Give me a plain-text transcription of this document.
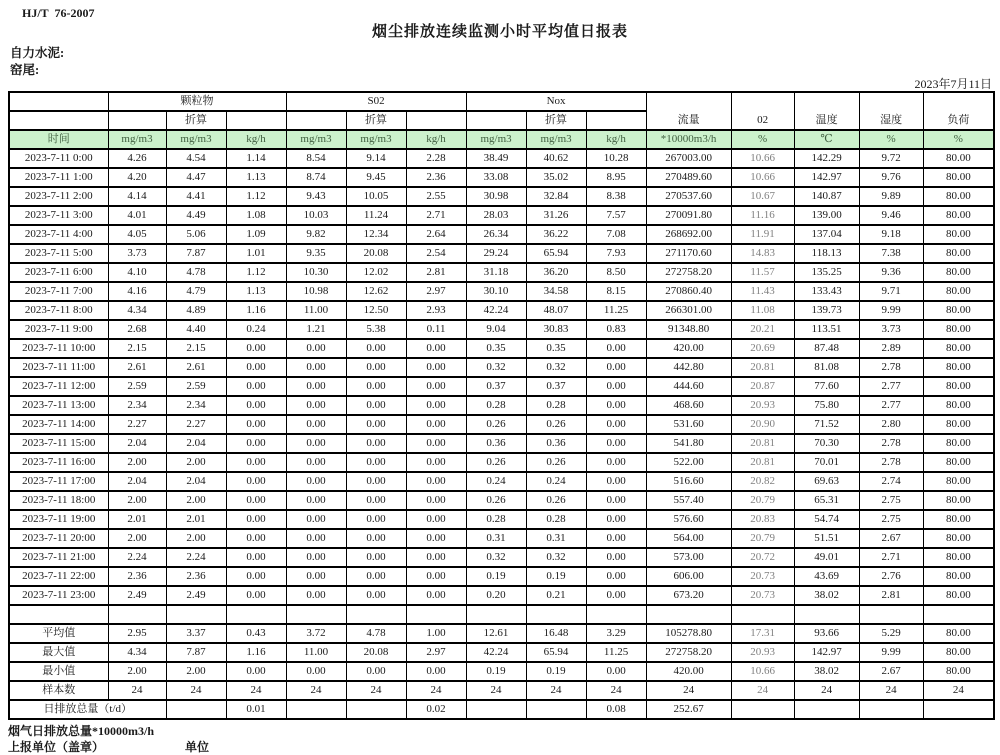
HJ/T  76-2007
烟尘排放连续监测小时平均值日报表
自力水泥:
窑尾:
2023年7月11日
	颗粒物			S02			Nox			流量	02	温度	湿度	负荷
		折算			折算			折算						
时间	mg/m3	mg/m3	kg/h	mg/m3	mg/m3	kg/h	mg/m3	mg/m3	kg/h	*10000m3/h	%	℃	%	%
2023-7-11 0:00	4.26	4.54	1.14	8.54	9.14	2.28	38.49	40.62	10.28	267003.00	10.66	142.29	9.72	80.00
2023-7-11 1:00	4.20	4.47	1.13	8.74	9.45	2.36	33.08	35.02	8.95	270489.60	10.66	142.97	9.76	80.00
2023-7-11 2:00	4.14	4.41	1.12	9.43	10.05	2.55	30.98	32.84	8.38	270537.60	10.67	140.87	9.89	80.00
2023-7-11 3:00	4.01	4.49	1.08	10.03	11.24	2.71	28.03	31.26	7.57	270091.80	11.16	139.00	9.46	80.00
2023-7-11 4:00	4.05	5.06	1.09	9.82	12.34	2.64	26.34	36.22	7.08	268692.00	11.91	137.04	9.18	80.00
2023-7-11 5:00	3.73	7.87	1.01	9.35	20.08	2.54	29.24	65.94	7.93	271170.60	14.83	118.13	7.38	80.00
2023-7-11 6:00	4.10	4.78	1.12	10.30	12.02	2.81	31.18	36.20	8.50	272758.20	11.57	135.25	9.36	80.00
2023-7-11 7:00	4.16	4.79	1.13	10.98	12.62	2.97	30.10	34.58	8.15	270860.40	11.43	133.43	9.71	80.00
2023-7-11 8:00	4.34	4.89	1.16	11.00	12.50	2.93	42.24	48.07	11.25	266301.00	11.08	139.73	9.99	80.00
2023-7-11 9:00	2.68	4.40	0.24	1.21	5.38	0.11	9.04	30.83	0.83	91348.80	20.21	113.51	3.73	80.00
2023-7-11 10:00	2.15	2.15	0.00	0.00	0.00	0.00	0.35	0.35	0.00	420.00	20.69	87.48	2.89	80.00
2023-7-11 11:00	2.61	2.61	0.00	0.00	0.00	0.00	0.32	0.32	0.00	442.80	20.81	81.08	2.78	80.00
2023-7-11 12:00	2.59	2.59	0.00	0.00	0.00	0.00	0.37	0.37	0.00	444.60	20.87	77.60	2.77	80.00
2023-7-11 13:00	2.34	2.34	0.00	0.00	0.00	0.00	0.28	0.28	0.00	468.60	20.93	75.80	2.77	80.00
2023-7-11 14:00	2.27	2.27	0.00	0.00	0.00	0.00	0.26	0.26	0.00	531.60	20.90	71.52	2.80	80.00
2023-7-11 15:00	2.04	2.04	0.00	0.00	0.00	0.00	0.36	0.36	0.00	541.80	20.81	70.30	2.78	80.00
2023-7-11 16:00	2.00	2.00	0.00	0.00	0.00	0.00	0.26	0.26	0.00	522.00	20.81	70.01	2.78	80.00
2023-7-11 17:00	2.04	2.04	0.00	0.00	0.00	0.00	0.24	0.24	0.00	516.60	20.82	69.63	2.74	80.00
2023-7-11 18:00	2.00	2.00	0.00	0.00	0.00	0.00	0.26	0.26	0.00	557.40	20.79	65.31	2.75	80.00
2023-7-11 19:00	2.01	2.01	0.00	0.00	0.00	0.00	0.28	0.28	0.00	576.60	20.83	54.74	2.75	80.00
2023-7-11 20:00	2.00	2.00	0.00	0.00	0.00	0.00	0.31	0.31	0.00	564.00	20.79	51.51	2.67	80.00
2023-7-11 21:00	2.24	2.24	0.00	0.00	0.00	0.00	0.32	0.32	0.00	573.00	20.72	49.01	2.71	80.00
2023-7-11 22:00	2.36	2.36	0.00	0.00	0.00	0.00	0.19	0.19	0.00	606.00	20.73	43.69	2.76	80.00
2023-7-11 23:00	2.49	2.49	0.00	0.00	0.00	0.00	0.20	0.21	0.00	673.20	20.73	38.02	2.81	80.00

平均值	2.95	3.37	0.43	3.72	4.78	1.00	12.61	16.48	3.29	105278.80	17.31	93.66	5.29	80.00
最大值	4.34	7.87	1.16	11.00	20.08	2.97	42.24	65.94	11.25	272758.20	20.93	142.97	9.99	80.00
最小值	2.00	2.00	0.00	0.00	0.00	0.00	0.19	0.19	0.00	420.00	10.66	38.02	2.67	80.00
样本数	24	24	24	24	24	24	24	24	24	24	24	24	24	24
日排放总量（t/d）			0.01			0.02			0.08	252.67				
烟气日排放总量*10000m3/h
上报单位（盖章）	单位
